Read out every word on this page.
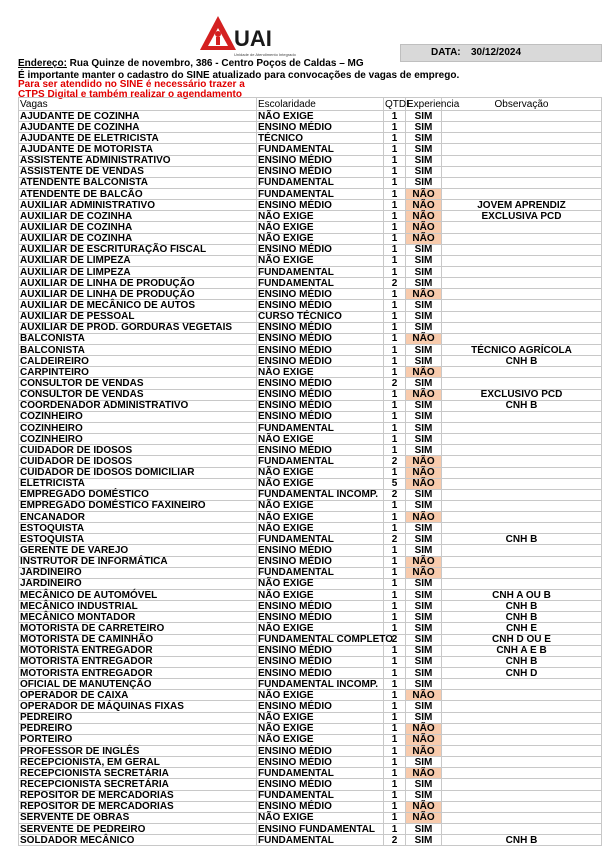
UAI
Unidade de Atendimento Integrado	DATA: 30/12/2024
Endereço: Rua Quinze de novembro, 386 - Centro Poços de Caldas – MG
É importante manter o cadastro do SINE atualizado para convocações de vagas de emprego.
Para ser atendido no SINE é necessário trazer a
CTPS Digital e também realizar o agendamento
Vagas	Escolaridade	QTDE	Experiencia	Observação
AJUDANTE DE COZINHA	NÃO EXIGE	1	SIM	
AJUDANTE DE COZINHA	ENSINO MÉDIO	1	SIM	
AJUDANTE DE ELETRICISTA	TÉCNICO	1	SIM	
AJUDANTE DE MOTORISTA	FUNDAMENTAL	1	SIM	
ASSISTENTE ADMINISTRATIVO	ENSINO MÉDIO	1	SIM	
ASSISTENTE DE VENDAS	ENSINO MÉDIO	1	SIM	
ATENDENTE BALCONISTA	FUNDAMENTAL	1	SIM	
ATENDENTE DE BALCÃO	FUNDAMENTAL	1	NÃO	
AUXILIAR ADMINISTRATIVO	ENSINO MÉDIO	1	NÃO	JOVEM APRENDIZ
AUXILIAR DE COZINHA	NÃO EXIGE	1	NÃO	EXCLUSIVA PCD
AUXILIAR DE COZINHA	NÃO EXIGE	1	NÃO	
AUXILIAR DE COZINHA	NÃO EXIGE	1	NÃO	
AUXILIAR DE ESCRITURAÇÃO FISCAL	ENSINO MÉDIO	1	SIM	
AUXILIAR DE LIMPEZA	NÃO EXIGE	1	SIM	
AUXILIAR DE LIMPEZA	FUNDAMENTAL	1	SIM	
AUXILIAR DE LINHA DE PRODUÇÃO	FUNDAMENTAL	2	SIM	
AUXILIAR DE LINHA DE PRODUÇÃO	ENSINO MÉDIO	1	NÃO	
AUXILIAR DE MECÂNICO DE AUTOS	ENSINO MÉDIO	1	SIM	
AUXILIAR DE PESSOAL	CURSO TÉCNICO	1	SIM	
AUXILIAR DE PROD. GORDURAS VEGETAIS	ENSINO MÉDIO	1	SIM	
BALCONISTA	ENSINO MÉDIO	1	NÃO	
BALCONISTA	ENSINO MÉDIO	1	SIM	TÉCNICO AGRÍCOLA
CALDEIREIRO	ENSINO MÉDIO	1	SIM	CNH B
CARPINTEIRO	NÃO EXIGE	1	NÃO	
CONSULTOR DE VENDAS	ENSINO MÉDIO	2	SIM	
CONSULTOR DE VENDAS	ENSINO MÉDIO	1	NÃO	EXCLUSIVO PCD
COORDENADOR ADMINISTRATIVO	ENSINO MÉDIO	1	SIM	CNH B
COZINHEIRO	ENSINO MÉDIO	1	SIM	
COZINHEIRO	FUNDAMENTAL	1	SIM	
COZINHEIRO	NÃO EXIGE	1	SIM	
CUIDADOR DE IDOSOS	ENSINO MÉDIO	1	SIM	
CUIDADOR DE IDOSOS	FUNDAMENTAL	2	NÃO	
CUIDADOR DE IDOSOS DOMICILIAR	NÃO EXIGE	1	NÃO	
ELETRICISTA	NÃO EXIGE	5	NÃO	
EMPREGADO DOMÉSTICO	FUNDAMENTAL INCOMP.	2	SIM	
EMPREGADO DOMÉSTICO FAXINEIRO	NÃO EXIGE	1	SIM	
ENCANADOR	NÃO EXIGE	1	NÃO	
ESTOQUISTA	NÃO EXIGE	1	SIM	
ESTOQUISTA	FUNDAMENTAL	2	SIM	CNH B
GERENTE DE VAREJO	ENSINO MÉDIO	1	SIM	
INSTRUTOR DE INFORMÁTICA	ENSINO MÉDIO	1	NÃO	
JARDINEIRO	FUNDAMENTAL	1	NÃO	
JARDINEIRO	NÃO EXIGE	1	SIM	
MECÂNICO DE AUTOMÓVEL	NÃO EXIGE	1	SIM	CNH A OU B
MECÂNICO INDUSTRIAL	ENSINO MÉDIO	1	SIM	CNH B
MECÂNICO MONTADOR	ENSINO MÉDIO	1	SIM	CNH B
MOTORISTA DE CARRETEIRO	NÃO EXIGE	1	SIM	CNH E
MOTORISTA DE CAMINHÃO	FUNDAMENTAL COMPLETO	2	SIM	CNH D OU E
MOTORISTA ENTREGADOR	ENSINO MÉDIO	1	SIM	CNH A E B
MOTORISTA ENTREGADOR	ENSINO MÉDIO	1	SIM	CNH B
MOTORISTA ENTREGADOR	ENSINO MÉDIO	1	SIM	CNH D
OFICIAL DE MANUTENÇÃO	FUNDAMENTAL INCOMP.	1	SIM	
OPERADOR DE CAIXA	NÃO EXIGE	1	NÃO	
OPERADOR DE MÁQUINAS FIXAS	ENSINO MÉDIO	1	SIM	
PEDREIRO	NÃO EXIGE	1	SIM	
PEDREIRO	NÃO EXIGE	1	NÃO	
PORTEIRO	NÃO EXIGE	1	NÃO	
PROFESSOR DE INGLÊS	ENSINO MÉDIO	1	NÃO	
RECEPCIONISTA, EM GERAL	ENSINO MÉDIO	1	SIM	
RECEPCIONISTA SECRETÁRIA	FUNDAMENTAL	1	NÃO	
RECEPCIONISTA SECRETÁRIA	ENSINO MÉDIO	1	SIM	
REPOSITOR DE MERCADORIAS	FUNDAMENTAL	1	SIM	
REPOSITOR DE MERCADORIAS	ENSINO MÉDIO	1	NÃO	
SERVENTE DE OBRAS	NÃO EXIGE	1	NÃO	
SERVENTE DE PEDREIRO	ENSINO FUNDAMENTAL	1	SIM	
SOLDADOR MECÂNICO	FUNDAMENTAL	2	SIM	CNH B
